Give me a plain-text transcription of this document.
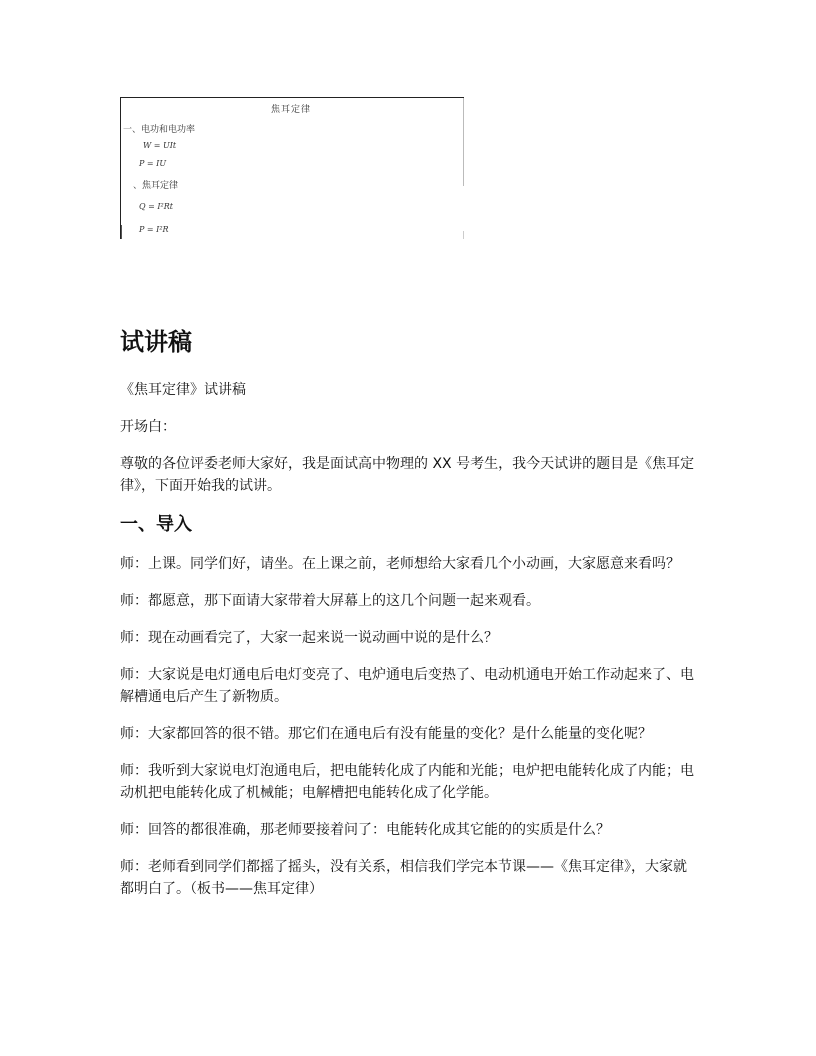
焦耳定律
一、电功和电功率
W = UIt
P = IU
、焦耳定律
Q = I²Rt
P = I²R
试讲稿

《焦耳定律》试讲稿

开场白：

尊敬的各位评委老师大家好，我是面试高中物理的 XX 号考生，我今天试讲的题目是《焦耳定律》，下面开始我的试讲。

一、导入

师：上课。同学们好，请坐。在上课之前，老师想给大家看几个小动画，大家愿意来看吗？

师：都愿意，那下面请大家带着大屏幕上的这几个问题一起来观看。

师：现在动画看完了，大家一起来说一说动画中说的是什么？

师：大家说是电灯通电后电灯变亮了、电炉通电后变热了、电动机通电开始工作动起来了、电解槽通电后产生了新物质。

师：大家都回答的很不错。那它们在通电后有没有能量的变化？是什么能量的变化呢？

师：我听到大家说电灯泡通电后，把电能转化成了内能和光能；电炉把电能转化成了内能；电动机把电能转化成了机械能；电解槽把电能转化成了化学能。

师：回答的都很准确，那老师要接着问了：电能转化成其它能的的实质是什么？

师：老师看到同学们都摇了摇头，没有关系，相信我们学完本节课——《焦耳定律》，大家就都明白了。（板书——焦耳定律）
